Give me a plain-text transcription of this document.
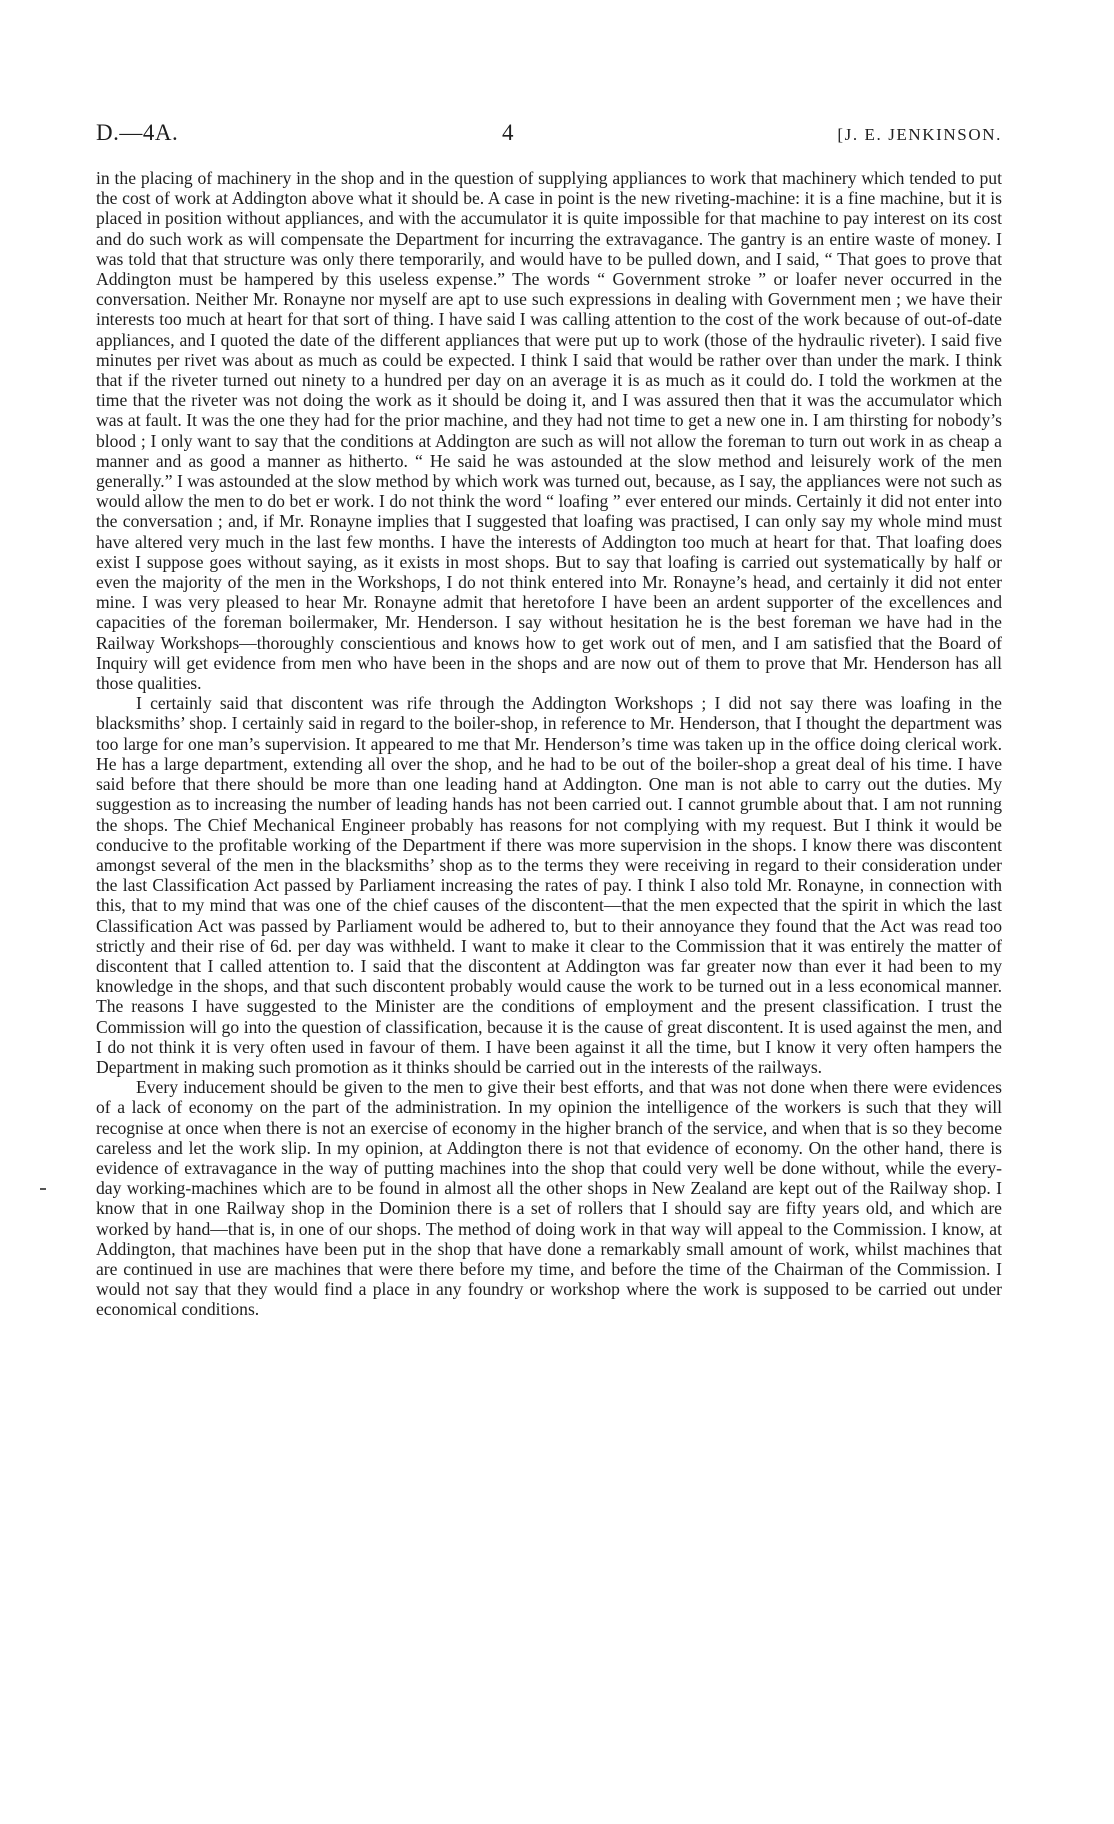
D.—4A.	4	[J. E. JENKINSON.

in the placing of machinery in the shop and in the question of supplying appliances to work that machinery which tended to put the cost of work at Addington above what it should be. A case in point is the new riveting-machine: it is a fine machine, but it is placed in position without appliances, and with the accumulator it is quite impossible for that machine to pay interest on its cost and do such work as will compensate the Department for incurring the extravagance. The gantry is an entire waste of money. I was told that that structure was only there temporarily, and would have to be pulled down, and I said, “ That goes to prove that Addington must be hampered by this useless expense.” The words “ Government stroke ” or loafer never occurred in the conversation. Neither Mr. Ronayne nor myself are apt to use such expressions in dealing with Government men ; we have their interests too much at heart for that sort of thing. I have said I was calling attention to the cost of the work because of out-of-date appliances, and I quoted the date of the different appliances that were put up to work (those of the hydraulic riveter). I said five minutes per rivet was about as much as could be expected. I think I said that would be rather over than under the mark. I think that if the riveter turned out ninety to a hundred per day on an average it is as much as it could do. I told the workmen at the time that the riveter was not doing the work as it should be doing it, and I was assured then that it was the accumulator which was at fault. It was the one they had for the prior machine, and they had not time to get a new one in. I am thirsting for nobody’s blood ; I only want to say that the conditions at Addington are such as will not allow the foreman to turn out work in as cheap a manner and as good a manner as hitherto. “ He said he was astounded at the slow method and leisurely work of the men generally.” I was astounded at the slow method by which work was turned out, because, as I say, the appliances were not such as would allow the men to do bet er work. I do not think the word “ loafing ” ever entered our minds. Certainly it did not enter into the conversation ; and, if Mr. Ronayne implies that I suggested that loafing was practised, I can only say my whole mind must have altered very much in the last few months. I have the interests of Addington too much at heart for that. That loafing does exist I suppose goes without saying, as it exists in most shops. But to say that loafing is carried out systematically by half or even the majority of the men in the Workshops, I do not think entered into Mr. Ronayne’s head, and certainly it did not enter mine. I was very pleased to hear Mr. Ronayne admit that heretofore I have been an ardent supporter of the excellences and capacities of the foreman boilermaker, Mr. Henderson. I say without hesitation he is the best foreman we have had in the Railway Workshops—thoroughly conscientious and knows how to get work out of men, and I am satisfied that the Board of Inquiry will get evidence from men who have been in the shops and are now out of them to prove that Mr. Henderson has all those qualities.

I certainly said that discontent was rife through the Addington Workshops ; I did not say there was loafing in the blacksmiths’ shop. I certainly said in regard to the boiler-shop, in reference to Mr. Henderson, that I thought the department was too large for one man’s supervision. It appeared to me that Mr. Henderson’s time was taken up in the office doing clerical work. He has a large department, extending all over the shop, and he had to be out of the boiler-shop a great deal of his time. I have said before that there should be more than one leading hand at Addington. One man is not able to carry out the duties. My suggestion as to increasing the number of leading hands has not been carried out. I cannot grumble about that. I am not running the shops. The Chief Mechanical Engineer probably has reasons for not complying with my request. But I think it would be conducive to the profitable working of the Department if there was more supervision in the shops. I know there was discontent amongst several of the men in the blacksmiths’ shop as to the terms they were receiving in regard to their consideration under the last Classification Act passed by Parliament increasing the rates of pay. I think I also told Mr. Ronayne, in connection with this, that to my mind that was one of the chief causes of the discontent—that the men expected that the spirit in which the last Classification Act was passed by Parliament would be adhered to, but to their annoyance they found that the Act was read too strictly and their rise of 6d. per day was withheld. I want to make it clear to the Commission that it was entirely the matter of discontent that I called attention to. I said that the discontent at Addington was far greater now than ever it had been to my knowledge in the shops, and that such discontent probably would cause the work to be turned out in a less economical manner. The reasons I have suggested to the Minister are the conditions of employment and the present classification. I trust the Commission will go into the question of classification, because it is the cause of great discontent. It is used against the men, and I do not think it is very often used in favour of them. I have been against it all the time, but I know it very often hampers the Department in making such promotion as it thinks should be carried out in the interests of the railways.

Every inducement should be given to the men to give their best efforts, and that was not done when there were evidences of a lack of economy on the part of the administration. In my opinion the intelligence of the workers is such that they will recognise at once when there is not an exercise of economy in the higher branch of the service, and when that is so they become careless and let the work slip. In my opinion, at Addington there is not that evidence of economy. On the other hand, there is evidence of extravagance in the way of putting machines into the shop that could very well be done without, while the every-day working-machines which are to be found in almost all the other shops in New Zealand are kept out of the Railway shop. I know that in one Railway shop in the Dominion there is a set of rollers that I should say are fifty years old, and which are worked by hand—that is, in one of our shops. The method of doing work in that way will appeal to the Commission. I know, at Addington, that machines have been put in the shop that have done a remarkably small amount of work, whilst machines that are continued in use are machines that were there before my time, and before the time of the Chairman of the Commission. I would not say that they would find a place in any foundry or workshop where the work is supposed to be carried out under economical conditions.
